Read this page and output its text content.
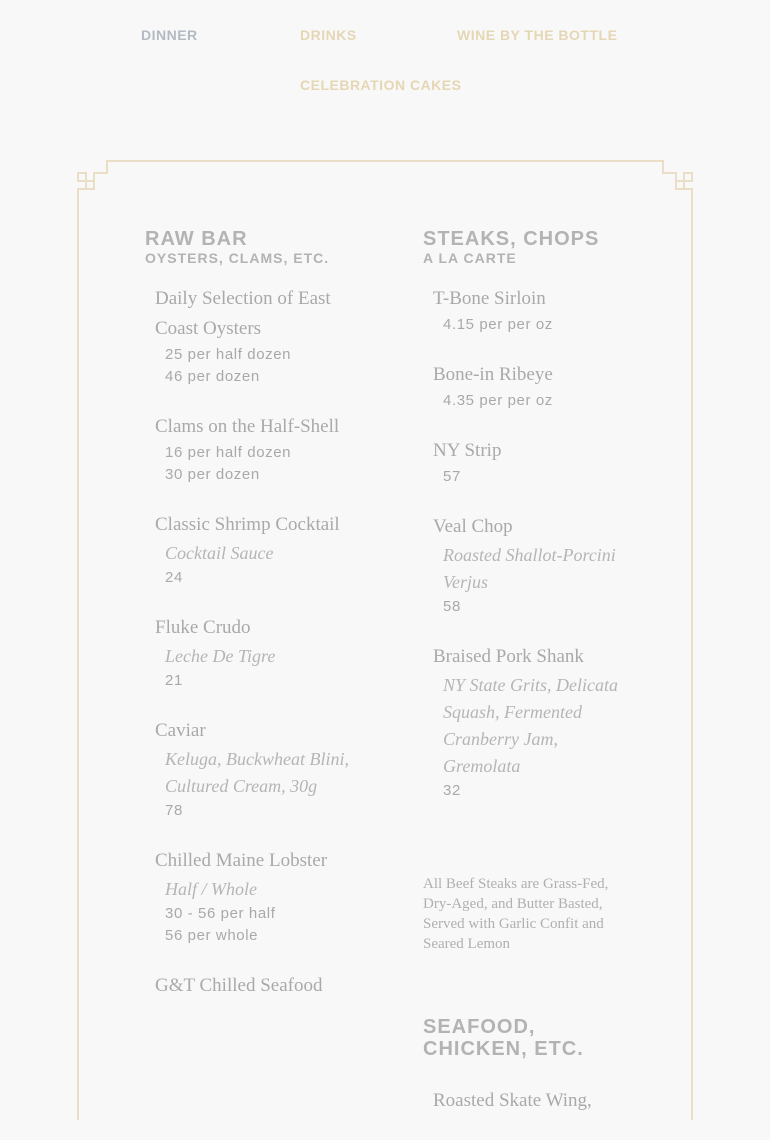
DINNER	DRINKS	WINE BY THE BOTTLE
CELEBRATION CAKES
RAW BAR
OYSTERS, CLAMS, ETC.
Daily Selection of East Coast Oysters
25 per half dozen
46 per dozen
Clams on the Half-Shell
16 per half dozen
30 per dozen
Classic Shrimp Cocktail
Cocktail Sauce
24
Fluke Crudo
Leche De Tigre
21
Caviar
Keluga, Buckwheat Blini, Cultured Cream, 30g
78
Chilled Maine Lobster
Half / Whole
30 - 56 per half
56 per whole
G&T Chilled Seafood
STEAKS, CHOPS
A LA CARTE
T-Bone Sirloin
4.15 per per oz
Bone-in Ribeye
4.35 per per oz
NY Strip
57
Veal Chop
Roasted Shallot-Porcini Verjus
58
Braised Pork Shank
NY State Grits, Delicata Squash, Fermented Cranberry Jam, Gremolata
32
All Beef Steaks are Grass-Fed, Dry-Aged, and Butter Basted, Served with Garlic Confit and Seared Lemon
SEAFOOD, CHICKEN, ETC.
Roasted Skate Wing,
